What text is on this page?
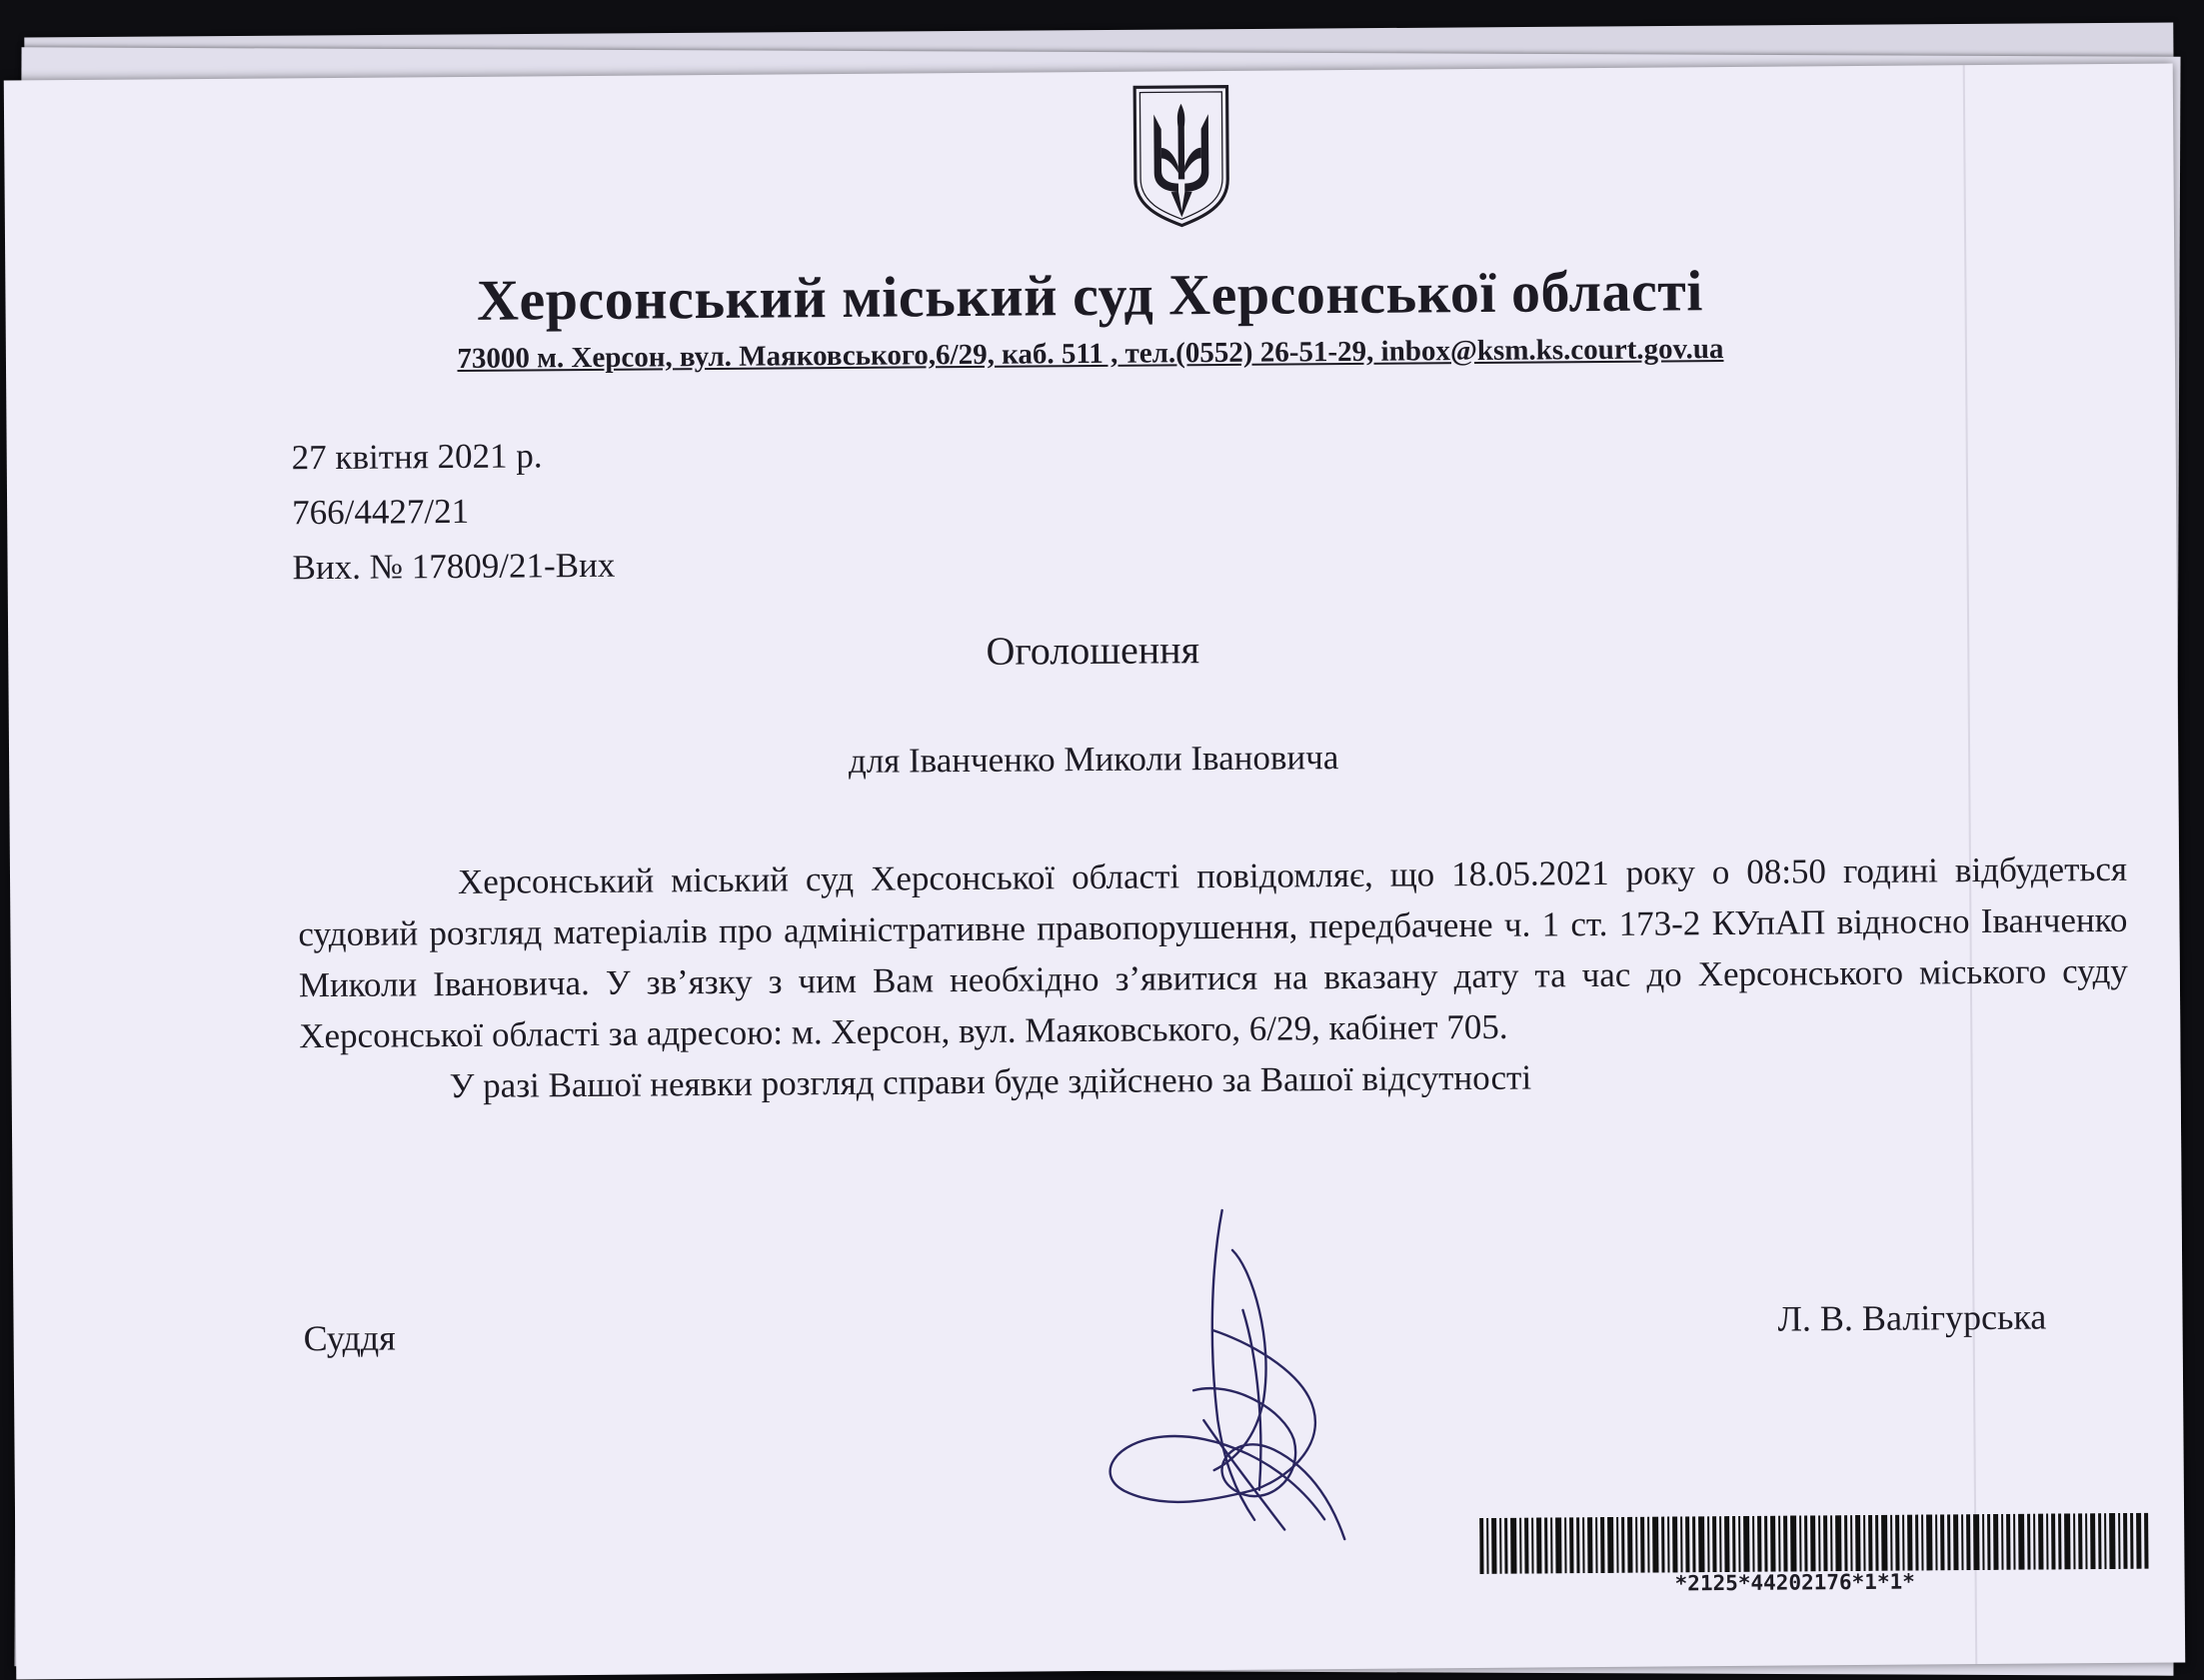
Херсонський міський суд Херсонської області
73000 м. Херсон, вул. Маяковського,6/29, каб. 511 , тел.(0552) 26-51-29, inbox@ksm.ks.court.gov.ua
27 квітня 2021 р.
766/4427/21
Вих. № 17809/21-Вих
Оголошення
для Іванченко Миколи Івановича

Херсонський міський суд Херсонської області повідомляє, що 18.05.2021 року о 08:50 годині відбудеться судовий розгляд матеріалів про адміністративне правопорушення, передбачене ч. 1 ст. 173-2 КУпАП відносно Іванченко Миколи Івановича. У зв’язку з чим Вам необхідно з’явитися на вказану дату та час до Херсонського міського суду Херсонської області за адресою: м. Херсон, вул. Маяковського, 6/29, кабінет 705.

У разі Вашої неявки розгляд справи буде здійснено за Вашої відсутності

Суддя	Л. В. Валігурська
*2125*44202176*1*1*
